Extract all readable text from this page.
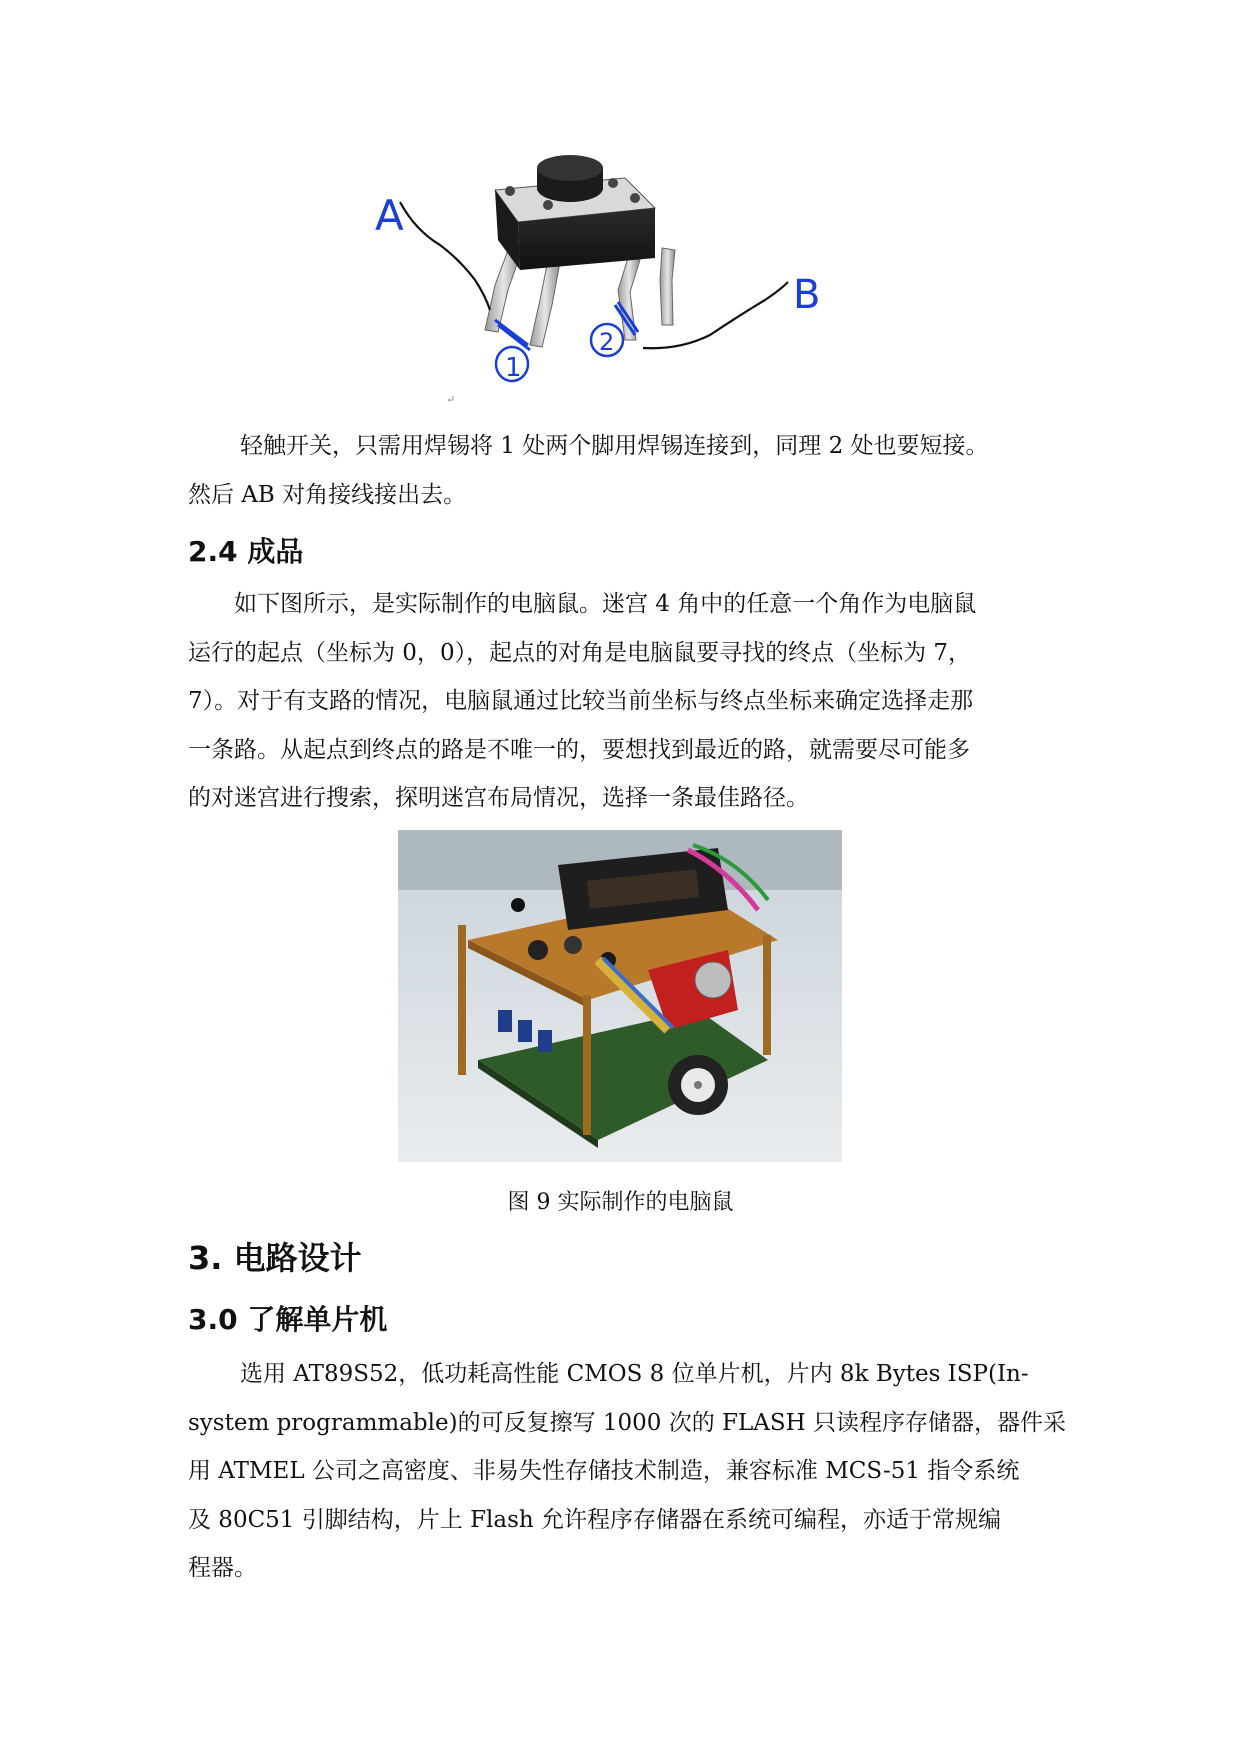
A
B
1
2
↵

轻触开关，只需用焊锡将 1 处两个脚用焊锡连接到，同理 2 处也要短接。
然后 AB 对角接线接出去。

2.4 成品

如下图所示，是实际制作的电脑鼠。迷宫 4 角中的任意一个角作为电脑鼠
运行的起点（坐标为 0，0），起点的对角是电脑鼠要寻找的终点（坐标为 7，
7）。对于有支路的情况，电脑鼠通过比较当前坐标与终点坐标来确定选择走那
一条路。从起点到终点的路是不唯一的，要想找到最近的路，就需要尽可能多
的对迷宫进行搜索，探明迷宫布局情况，选择一条最佳路径。

图 9 实际制作的电脑鼠
3. 电路设计
3.0 了解单片机

选用 AT89S52，低功耗高性能 CMOS 8 位单片机，片内 8k Bytes ISP(In-
system programmable)的可反复擦写 1000 次的 FLASH 只读程序存储器，器件采
用 ATMEL 公司之高密度、非易失性存储技术制造，兼容标准 MCS-51 指令系统
及 80C51 引脚结构，片上 Flash 允许程序存储器在系统可编程，亦适于常规编
程器。
